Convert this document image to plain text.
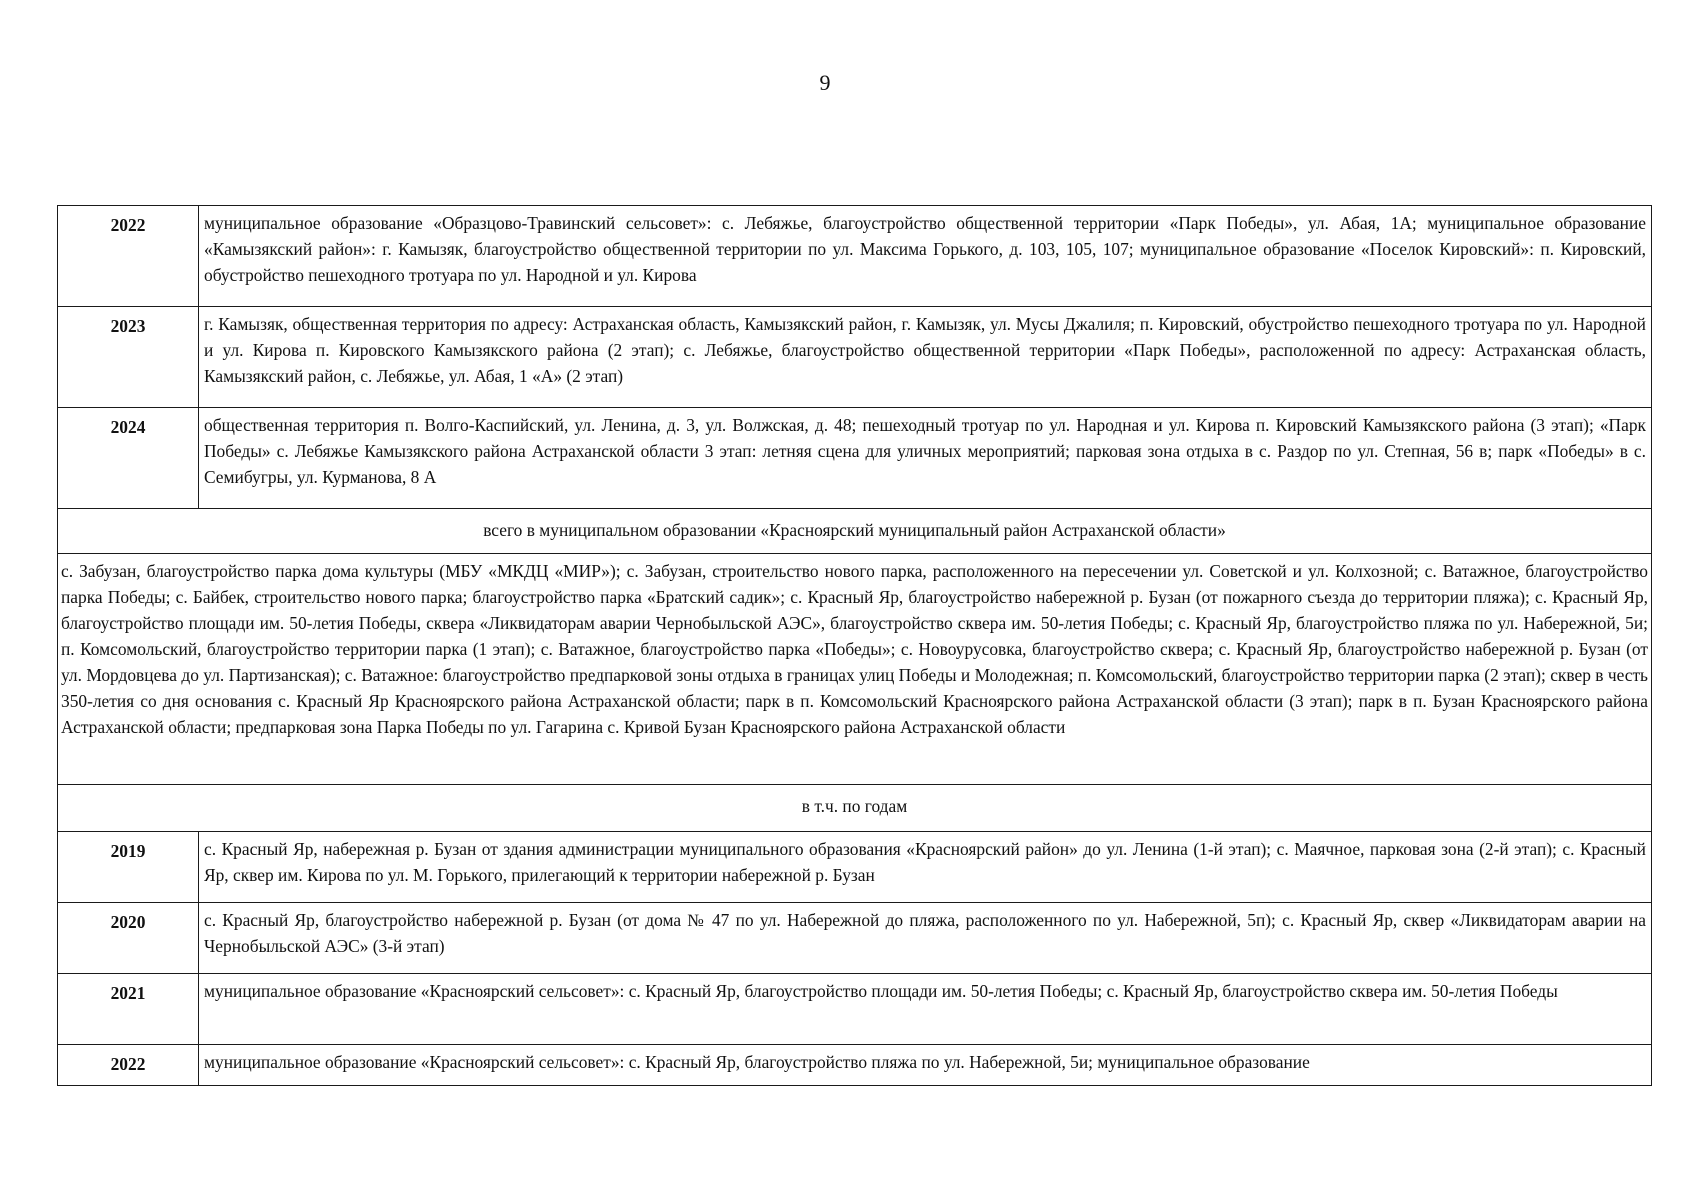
9
2022	муниципальное образование «Образцово-Травинский сельсовет»: с. Лебяжье, благоустройство общественной территории «Парк Победы», ул. Абая, 1А; муниципальное образование «Камызякский район»: г. Камызяк, благоустройство общественной территории по ул. Максима Горького, д. 103, 105, 107; муниципальное образование «Поселок Кировский»: п. Кировский, обустройство пешеходного тротуара по ул. Народной и ул. Кирова
2023	г. Камызяк, общественная территория по адресу: Астраханская область, Камызякский район, г. Камызяк, ул. Мусы Джалиля; п. Кировский, обустройство пешеходного тротуара по ул. Народной и ул. Кирова п. Кировского Камызякского района (2 этап); с. Лебяжье, благоустройство общественной территории «Парк Победы», расположенной по адресу: Астраханская область, Камызякский район, с. Лебяжье, ул. Абая, 1 «А» (2 этап)
2024	общественная территория п. Волго-Каспийский, ул. Ленина, д. 3, ул. Волжская, д. 48; пешеходный тротуар по ул. Народная и ул. Кирова п. Кировский Камызякского района (3 этап); «Парк Победы» с. Лебяжье Камызякского района Астраханской области 3 этап: летняя сцена для уличных мероприятий; парковая зона отдыха в с. Раздор по ул. Степная, 56 в; парк «Победы» в с. Семибугры, ул. Курманова, 8 А
всего в муниципальном образовании «Красноярский муниципальный район Астраханской области»	
с. Забузан, благоустройство парка дома культуры (МБУ «МКДЦ «МИР»); с. Забузан, строительство нового парка, расположенного на пересечении ул. Советской и ул. Колхозной; с. Ватажное, благоустройство парка Победы; с. Байбек, строительство нового парка; благоустройство парка «Братский садик»; с. Красный Яр, благоустройство набережной р. Бузан (от пожарного съезда до территории пляжа); с. Красный Яр, благоустройство площади им. 50-летия Победы, сквера «Ликвидаторам аварии Чернобыльской АЭС», благоустройство сквера им. 50-летия Победы; с. Красный Яр, благоустройство пляжа по ул. Набережной, 5и; п. Комсомольский, благоустройство территории парка (1 этап); с. Ватажное, благоустройство парка «Победы»; с. Новоурусовка, благоустройство сквера; с. Красный Яр, благоустройство набережной р. Бузан (от ул. Мордовцева до ул. Партизанская); с. Ватажное: благоустройство предпарковой зоны отдыха в границах улиц Победы и Молодежная; п. Комсомольский, благоустройство территории парка (2 этап); сквер в честь 350-летия со дня основания с. Красный Яр Красноярского района Астраханской области; парк в п. Комсомольский Красноярского района Астраханской области (3 этап); парк в п. Бузан Красноярского района Астраханской области; предпарковая зона Парка Победы по ул. Гагарина с. Кривой Бузан Красноярского района Астраханской области	
в т.ч. по годам	
2019	с. Красный Яр, набережная р. Бузан от здания администрации муниципального образования «Красноярский район» до ул. Ленина (1-й этап); с. Маячное, парковая зона (2-й этап); с. Красный Яр, сквер им. Кирова по ул. М. Горького, прилегающий к территории набережной р. Бузан
2020	с. Красный Яр, благоустройство набережной р. Бузан (от дома № 47 по ул. Набережной до пляжа, расположенного по ул. Набережной, 5п); с. Красный Яр, сквер «Ликвидаторам аварии на Чернобыльской АЭС» (3-й этап)
2021	муниципальное образование «Красноярский сельсовет»: с. Красный Яр, благоустройство площади им. 50-летия Победы; с. Красный Яр, благоустройство сквера им. 50-летия Победы
2022	муниципальное образование «Красноярский сельсовет»: с. Красный Яр, благоустройство пляжа по ул. Набережной, 5и; муниципальное образование
